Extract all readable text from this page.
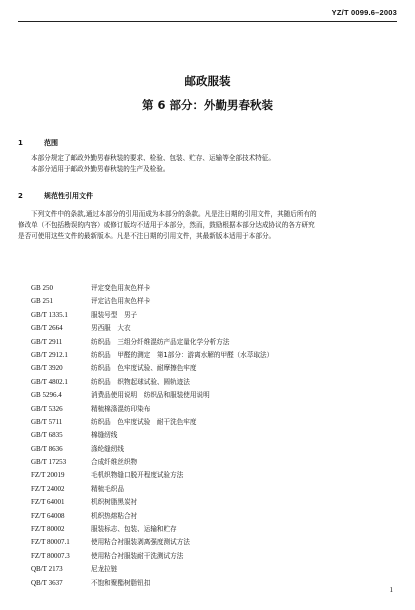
YZ/T 0099.6–2003
邮政服装
第 6 部分：外勤男春秋装
1	范围

本部分规定了邮政外勤男春秋装的要求、检验、包装、贮存、运输等全部技术特征。

本部分适用于邮政外勤男春秋装的生产及检验。

2	规范性引用文件

下列文件中的条款,通过本部分的引用而成为本部分的条款。凡是注日期的引用文件，其随后所有的

修改单（不包括勘误的内容）或修订版均不适用于本部分，然而，鼓励根据本部分达成协议的各方研究

是否可使用这些文件的最新版本。凡是不注日期的引用文件，其最新版本适用于本部分。

GB 250	评定变色用灰色样卡
GB 251	评定沾色用灰色样卡
GB/T 1335.1	服装号型　男子
GB/T 2664	男西服　大衣
GB/T 2911	纺织品　三组分纤维混纺产品定量化学分析方法
GB/T 2912.1	纺织品　甲醛的测定　第1部分：游离水解的甲醛（水萃取法）
GB/T 3920	纺织品　色牢度试验、耐摩擦色牢度
GB/T 4802.1	纺织品　织物起球试验、圆轨迹法
GB 5296.4	消费品使用说明　纺织品和服装使用说明
GB/T 5326	精梳棉涤混纺印染布
GB/T 5711	纺织品　色牢度试验　耐干洗色牢度
GB/T 6835	棉缝纫线
GB/T 8636	涤纶缝纫线
GB/T 17253	合成纤维丝织物
FZ/T 20019	毛机织物缝口脱开程度试验方法
FZ/T 24002	精梳毛织品
FZ/T 64001	机织树脂黑炭衬
FZ/T 64008	机织热熔粘合衬
FZ/T 80002	服装标志、包装、运输和贮存
FZ/T 80007.1	使用粘合衬服装剥离强度测试方法
FZ/T 80007.3	使用粘合衬服装耐干洗测试方法
QB/T 2173	尼龙拉链
QB/T 3637	不饱和聚酯树脂钮扣
1
